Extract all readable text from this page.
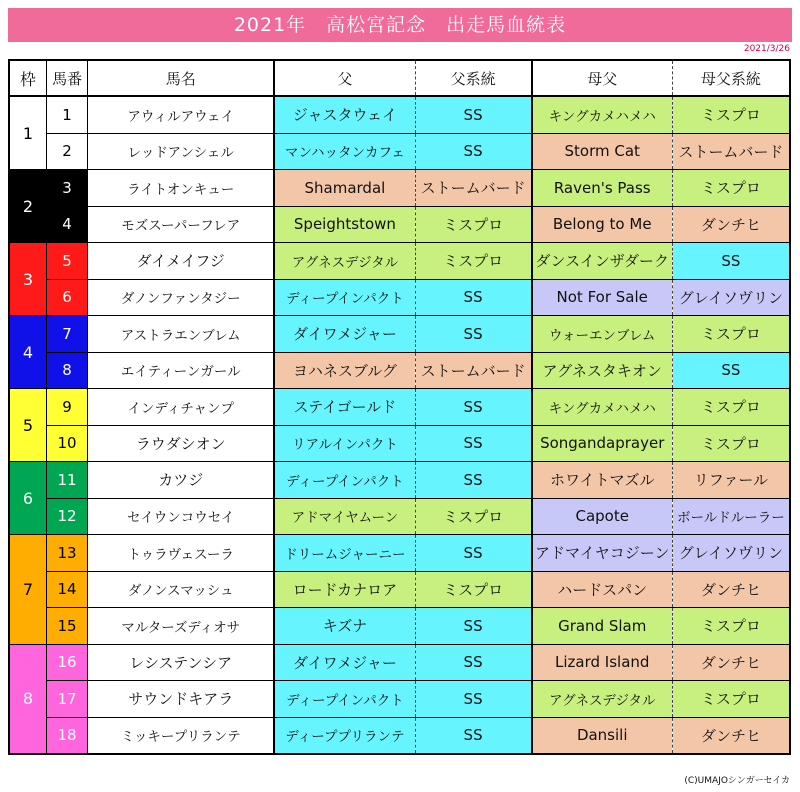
2021年　高松宮記念　出走馬血統表
2021/3/26
枠	馬番	馬名	父	父系統	母父	母父系統
1	1	アウィルアウェイ	ジャスタウェイ	SS	キングカメハメハ	ミスプロ
	2	レッドアンシェル	マンハッタンカフェ	SS	Storm Cat	ストームバード
2	3	ライトオンキュー	Shamardal	ストームバード	Raven's Pass	ミスプロ
	4	モズスーパーフレア	Speightstown	ミスプロ	Belong to Me	ダンチヒ
3	5	ダイメイフジ	アグネスデジタル	ミスプロ	ダンスインザダーク	SS
	6	ダノンファンタジー	ディープインパクト	SS	Not For Sale	グレイソヴリン
4	7	アストラエンブレム	ダイワメジャー	SS	ウォーエンブレム	ミスプロ
	8	エイティーンガール	ヨハネスブルグ	ストームバード	アグネスタキオン	SS
5	9	インディチャンプ	ステイゴールド	SS	キングカメハメハ	ミスプロ
	10	ラウダシオン	リアルインパクト	SS	Songandaprayer	ミスプロ
6	11	カツジ	ディープインパクト	SS	ホワイトマズル	リファール
	12	セイウンコウセイ	アドマイヤムーン	ミスプロ	Capote	ボールドルーラー
7	13	トゥラヴェスーラ	ドリームジャーニー	SS	アドマイヤコジーン	グレイソヴリン
	14	ダノンスマッシュ	ロードカナロア	ミスプロ	ハードスパン	ダンチヒ
	15	マルターズディオサ	キズナ	SS	Grand Slam	ミスプロ
8	16	レシステンシア	ダイワメジャー	SS	Lizard Island	ダンチヒ
	17	サウンドキアラ	ディープインパクト	SS	アグネスデジタル	ミスプロ
	18	ミッキープリランテ	ディーププリランテ	SS	Dansili	ダンチヒ
(C)UMAJOシンガーセイカ
